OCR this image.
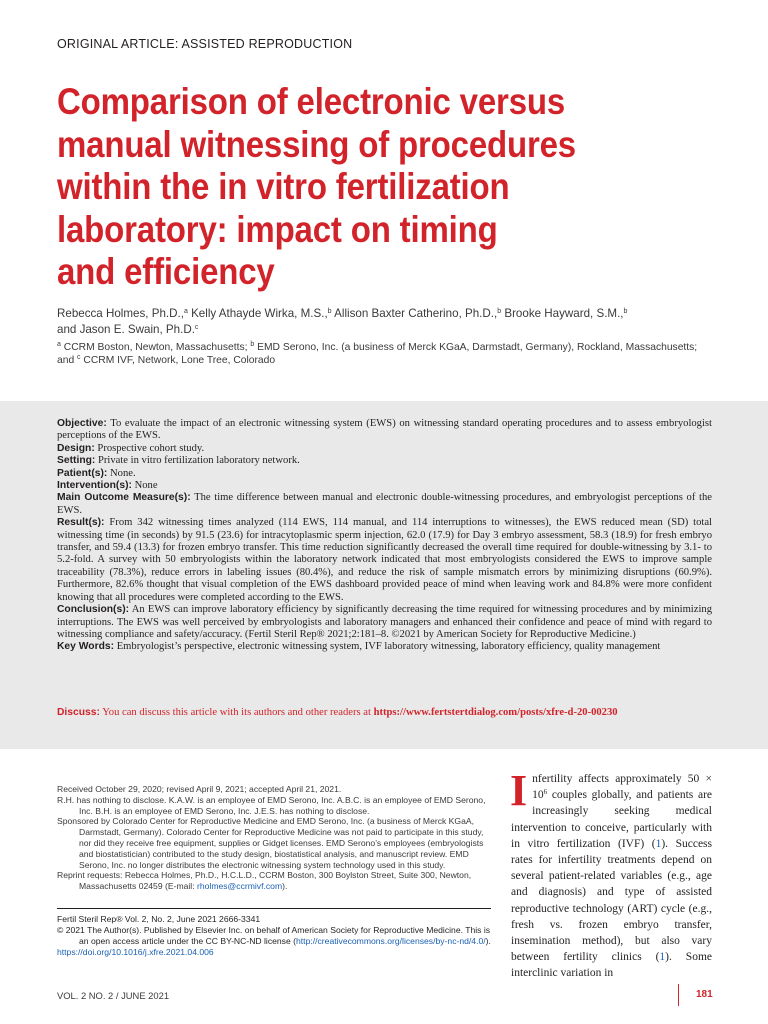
ORIGINAL ARTICLE: ASSISTED REPRODUCTION
Comparison of electronic versus
manual witnessing of procedures
within the in vitro fertilization
laboratory: impact on timing
and efficiency
Rebecca Holmes, Ph.D.,$^a$ Kelly Athayde Wirka, M.S.,$^b$ Allison Baxter Catherino, Ph.D.,$^b$ Brooke Hayward, S.M.,$^b$
and Jason E. Swain, Ph.D.$^c$
$^a$ CCRM Boston, Newton, Massachusetts; $^b$ EMD Serono, Inc. (a business of Merck KGaA, Darmstadt, Germany), Rockland, Massachusetts; and $^c$ CCRM IVF, Network, Lone Tree, Colorado

Objective: To evaluate the impact of an electronic witnessing system (EWS) on witnessing standard operating procedures and to assess embryologist perceptions of the EWS.

Design: Prospective cohort study.

Setting: Private in vitro fertilization laboratory network.

Patient(s): None.

Intervention(s): None

Main Outcome Measure(s): The time difference between manual and electronic double-witnessing procedures, and embryologist perceptions of the EWS.

Result(s): From 342 witnessing times analyzed (114 EWS, 114 manual, and 114 interruptions to witnesses), the EWS reduced mean (SD) total witnessing time (in seconds) by 91.5 (23.6) for intracytoplasmic sperm injection, 62.0 (17.9) for Day 3 embryo assessment, 58.3 (18.9) for fresh embryo transfer, and 59.4 (13.3) for frozen embryo transfer. This time reduction significantly decreased the overall time required for double-witnessing by 3.1- to 5.2-fold. A survey with 50 embryologists within the laboratory network indicated that most embryologists considered the EWS to improve sample traceability (78.3%), reduce errors in labeling issues (80.4%), and reduce the risk of sample mismatch errors by minimizing disruptions (60.9%). Furthermore, 82.6% thought that visual completion of the EWS dashboard provided peace of mind when leaving work and 84.8% were more confident knowing that all procedures were completed according to the EWS.

Conclusion(s): An EWS can improve laboratory efficiency by significantly decreasing the time required for witnessing procedures and by minimizing interruptions. The EWS was well perceived by embryologists and laboratory managers and enhanced their confidence and peace of mind with regard to witnessing compliance and safety/accuracy. (Fertil Steril Rep® 2021;2:181–8. ©2021 by American Society for Reproductive Medicine.)

Key Words: Embryologist’s perspective, electronic witnessing system, IVF laboratory witnessing, laboratory efficiency, quality management

Discuss: You can discuss this article with its authors and other readers at https://www.fertstertdialog.com/posts/xfre-d-20-00230

Received October 29, 2020; revised April 9, 2021; accepted April 21, 2021.

R.H. has nothing to disclose. K.A.W. is an employee of EMD Serono, Inc. A.B.C. is an employee of EMD Serono, Inc. B.H. is an employee of EMD Serono, Inc. J.E.S. has nothing to disclose.

Sponsored by Colorado Center for Reproductive Medicine and EMD Serono, Inc. (a business of Merck KGaA, Darmstadt, Germany). Colorado Center for Reproductive Medicine was not paid to participate in this study, nor did they receive free equipment, supplies or Gidget licenses. EMD Serono’s employees (embryologists and biostatistician) contributed to the study design, biostatistical analysis, and manuscript review. EMD Serono, Inc. no longer distributes the electronic witnessing system technology used in this study.

Reprint requests: Rebecca Holmes, Ph.D., H.C.L.D., CCRM Boston, 300 Boylston Street, Suite 300, Newton, Massachusetts 02459 (E-mail: rholmes@ccrmivf.com).

Fertil Steril Rep® Vol. 2, No. 2, June 2021 2666-3341

© 2021 The Author(s). Published by Elsevier Inc. on behalf of American Society for Reproductive Medicine. This is an open access article under the CC BY-NC-ND license (http://creativecommons.org/licenses/by-nc-nd/4.0/).

https://doi.org/10.1016/j.xfre.2021.04.006

Infertility affects approximately $50 \times 10^6$ couples globally, and patients are increasingly seeking medical intervention to conceive, particularly with in vitro fertilization (IVF) (1). Success rates for infertility treatments depend on several patient-related variables (e.g., age and diagnosis) and type of assisted reproductive technology (ART) cycle (e.g., fresh vs. frozen embryo transfer, insemination method), but also vary between fertility clinics (1). Some interclinic variation in
VOL. 2 NO. 2 / JUNE 2021	181
